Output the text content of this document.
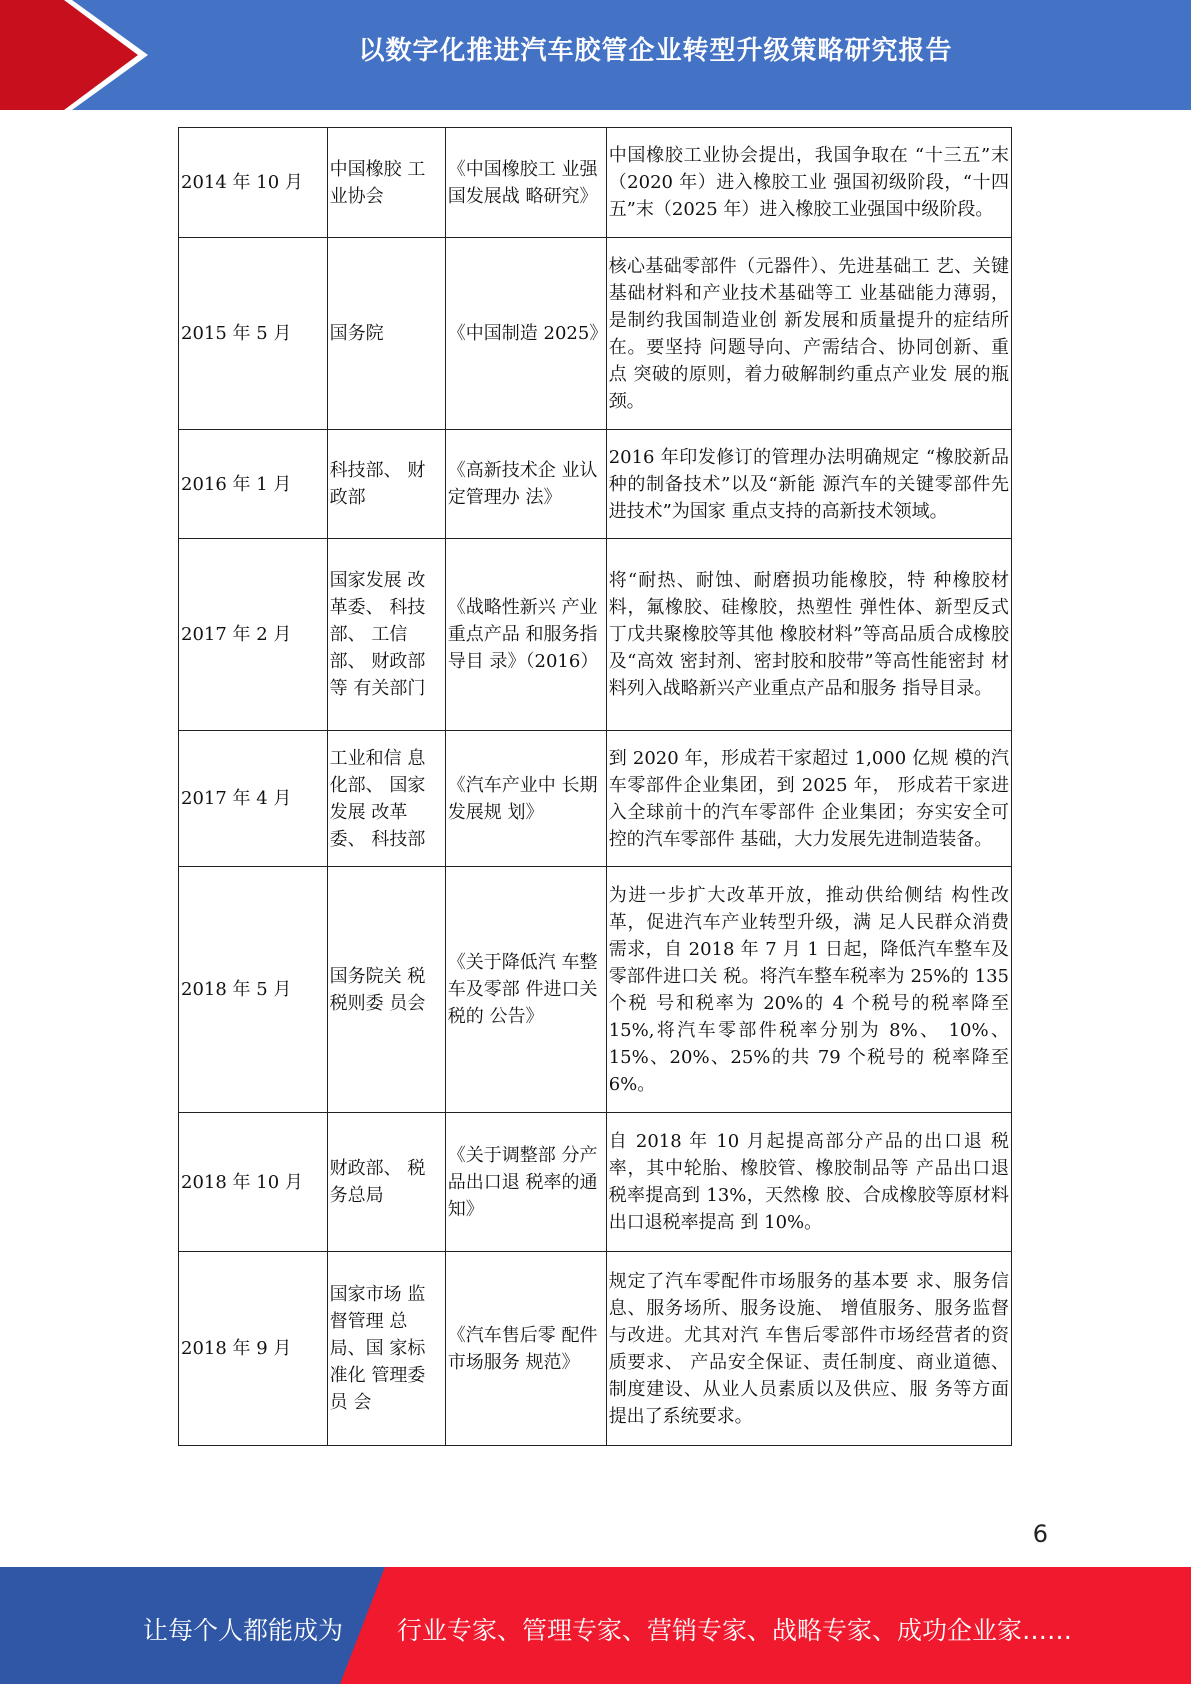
以数字化推进汽车胶管企业转型升级策略研究报告
2014 年 10 月	中国橡胶 工业协会	《中国橡胶工 业强国发展战 略研究》	中国橡胶工业协会提出，我国争取在 “十三五”末（2020 年）进入橡胶工业 强国初级阶段，“十四五”末（2025 年）进入橡胶工业强国中级阶段。
2015 年 5 月	国务院	《中国制造 2025》	核心基础零部件（元器件）、先进基础工 艺、关键基础材料和产业技术基础等工 业基础能力薄弱，是制约我国制造业创 新发展和质量提升的症结所在。要坚持 问题导向、产需结合、协同创新、重点 突破的原则，着力破解制约重点产业发 展的瓶颈。
2016 年 1 月	科技部、 财政部	《高新技术企 业认定管理办 法》	2016 年印发修订的管理办法明确规定 “橡胶新品种的制备技术”以及“新能 源汽车的关键零部件先进技术”为国家 重点支持的高新技术领域。
2017 年 2 月	国家发展 改革委、 科技部、 工信部、 财政部等 有关部门	《战略性新兴 产业重点产品 和服务指导目 录》（2016）	将“耐热、耐蚀、耐磨损功能橡胶，特 种橡胶材料，氟橡胶、硅橡胶，热塑性 弹性体、新型反式丁戊共聚橡胶等其他 橡胶材料”等高品质合成橡胶及“高效 密封剂、密封胶和胶带”等高性能密封 材料列入战略新兴产业重点产品和服务 指导目录。
2017 年 4 月	工业和信 息化部、 国家发展 改革委、 科技部	《汽车产业中 长期发展规 划》	到 2020 年，形成若干家超过 1,000 亿规 模的汽车零部件企业集团，到 2025 年， 形成若干家进入全球前十的汽车零部件 企业集团；夯实安全可控的汽车零部件 基础，大力发展先进制造装备。
2018 年 5 月	国务院关 税税则委 员会	《关于降低汽 车整车及零部 件进口关税的 公告》	为进一步扩大改革开放，推动供给侧结 构性改革，促进汽车产业转型升级，满 足人民群众消费需求，自 2018 年 7 月 1 日起，降低汽车整车及零部件进口关 税。将汽车整车税率为 25%的 135 个税 号和税率为 20%的 4 个税号的税率降至 15%,将汽车零部件税率分别为 8%、 10%、15%、20%、25%的共 79 个税号的 税率降至 6%。
2018 年 10 月	财政部、 税务总局	《关于调整部 分产品出口退 税率的通知》	自 2018 年 10 月起提高部分产品的出口退 税率，其中轮胎、橡胶管、橡胶制品等 产品出口退税率提高到 13%，天然橡 胶、合成橡胶等原材料出口退税率提高 到 10%。
2018 年 9 月	国家市场 监督管理 总局、国 家标准化 管理委员 会	《汽车售后零 配件市场服务 规范》	规定了汽车零配件市场服务的基本要 求、服务信息、服务场所、服务设施、 增值服务、服务监督与改进。尤其对汽 车售后零部件市场经营者的资质要求、 产品安全保证、责任制度、商业道德、 制度建设、从业人员素质以及供应、服 务等方面提出了系统要求。
6
让每个人都能成为 行业专家、管理专家、营销专家、战略专家、成功企业家……
